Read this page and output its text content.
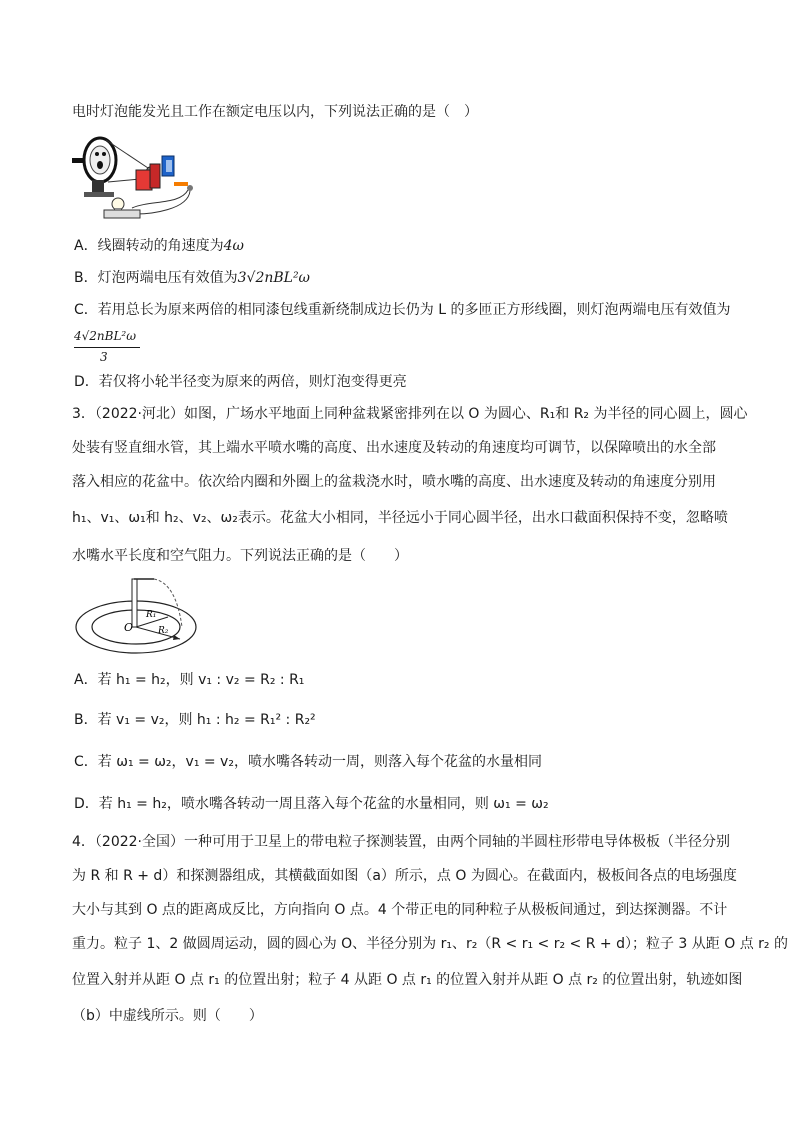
电时灯泡能发光且工作在额定电压以内，下列说法正确的是（　）
A．线圈转动的角速度为4ω
B．灯泡两端电压有效值为3√2nBL²ω
C．若用总长为原来两倍的相同漆包线重新绕制成边长仍为 L 的多匝正方形线圈，则灯泡两端电压有效值为
4√2nBL²ω
3
D．若仅将小轮半径变为原来的两倍，则灯泡变得更亮
3．（2022·河北）如图，广场水平地面上同种盆栽紧密排列在以 O 为圆心、R₁和 R₂ 为半径的同心圆上，圆心
处装有竖直细水管，其上端水平喷水嘴的高度、出水速度及转动的角速度均可调节，以保障喷出的水全部
落入相应的花盆中。依次给内圈和外圈上的盆栽浇水时，喷水嘴的高度、出水速度及转动的角速度分别用
h₁、v₁、ω₁和 h₂、v₂、ω₂表示。花盆大小相同，半径远小于同心圆半径，出水口截面积保持不变，忽略喷
水嘴水平长度和空气阻力。下列说法正确的是（　　）
O
R₁
R₂
A．若 h₁ = h₂，则 v₁ : v₂ = R₂ : R₁
B．若 v₁ = v₂，则 h₁ : h₂ = R₁² : R₂²
C．若 ω₁ = ω₂，v₁ = v₂，喷水嘴各转动一周，则落入每个花盆的水量相同
D．若 h₁ = h₂，喷水嘴各转动一周且落入每个花盆的水量相同，则 ω₁ = ω₂
4．（2022·全国）一种可用于卫星上的带电粒子探测装置，由两个同轴的半圆柱形带电导体极板（半径分别
为 R 和 R + d）和探测器组成，其横截面如图（a）所示，点 O 为圆心。在截面内，极板间各点的电场强度
大小与其到 O 点的距离成反比，方向指向 O 点。4 个带正电的同种粒子从极板间通过，到达探测器。不计
重力。粒子 1、2 做圆周运动，圆的圆心为 O、半径分别为 r₁、r₂（R < r₁ < r₂ < R + d）；粒子 3 从距 O 点 r₂ 的
位置入射并从距 O 点 r₁ 的位置出射；粒子 4 从距 O 点 r₁ 的位置入射并从距 O 点 r₂ 的位置出射，轨迹如图
（b）中虚线所示。则（　　）
